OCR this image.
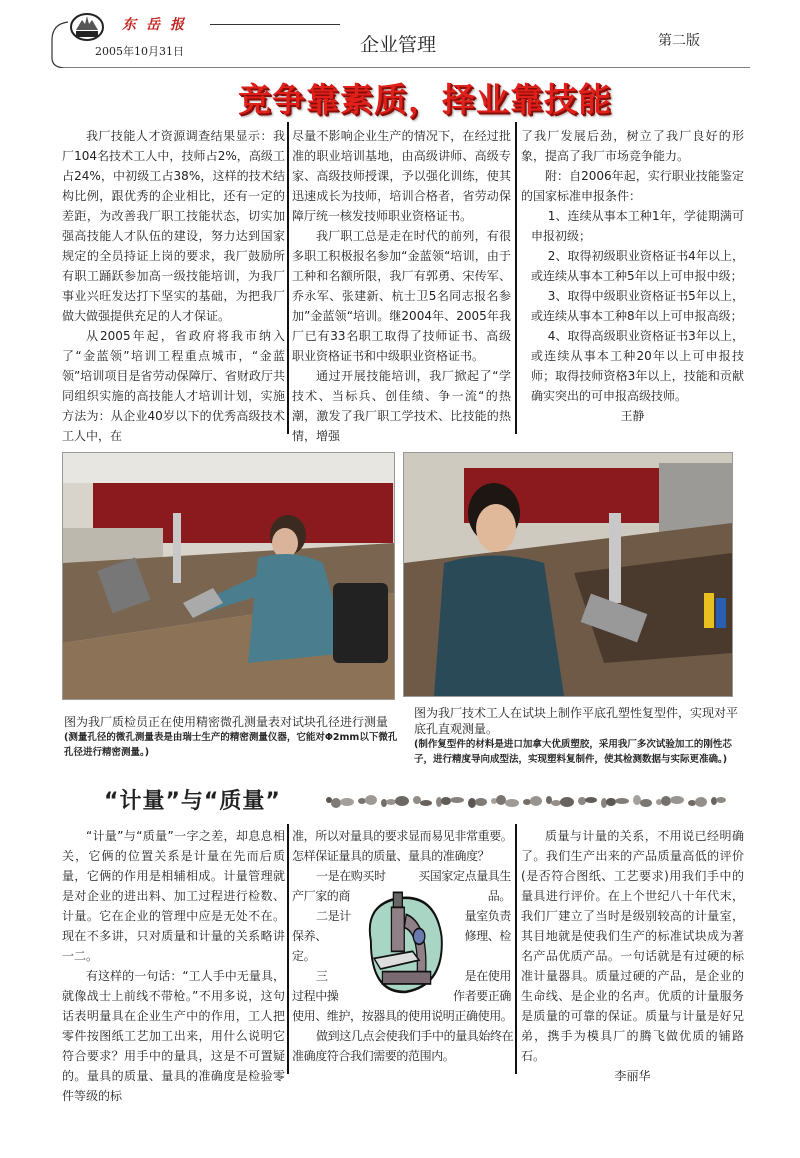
东岳报
2005年10月31日	企业管理	第二版
竞争靠素质，择业靠技能

我厂技能人才资源调查结果显示：我厂104名技术工人中，技师占2%，高级工占24%，中初级工占38%，这样的技术结构比例，跟优秀的企业相比，还有一定的差距，为改善我厂职工技能状态，切实加强高技能人才队伍的建设，努力达到国家规定的全员持证上岗的要求，我厂鼓励所有职工踊跃参加高一级技能培训，为我厂事业兴旺发达打下坚实的基础，为把我厂做大做强提供充足的人才保证。

从2005年起，省政府将我市纳入了“金蓝领”培训工程重点城市，“金蓝领”培训项目是省劳动保障厅、省财政厅共同组织实施的高技能人才培训计划，实施方法为：从企业40岁以下的优秀高级技术工人中，在

尽量不影响企业生产的情况下，在经过批准的职业培训基地，由高级讲师、高级专家、高级技师授课，予以强化训练，使其迅速成长为技师，培训合格者，省劳动保障厅统一核发技师职业资格证书。

我厂职工总是走在时代的前列，有很多职工积极报名参加“金蓝领“培训，由于工种和名额所限，我厂有郭勇、宋传军、乔永军、张建新、杭士卫5名同志报名参加”金蓝领“培训。继2004年、2005年我厂已有33名职工取得了技师证书、高级职业资格证书和中级职业资格证书。

通过开展技能培训，我厂掀起了“学技术、当标兵、创佳绩、争一流“的热潮，激发了我厂职工学技术、比技能的热情，增强

了我厂发展后劲，树立了我厂良好的形象，提高了我厂市场竞争能力。

附：自2006年起，实行职业技能鉴定的国家标准申报条件：

1、连续从事本工种1年，学徒期满可申报初级；

2、取得初级职业资格证书4年以上，或连续从事本工种5年以上可申报中级；

3、取得中级职业资格证书5年以上，或连续从事本工种8年以上可申报高级；

4、取得高级职业资格证书3年以上，或连续从事本工种20年以上可申报技师；取得技师资格3年以上，技能和贡献确实突出的可申报高级技师。

王静

图为我厂质检员正在使用精密微孔测量表对试块孔径进行测量
(测量孔径的微孔测量表是由瑞士生产的精密测量仪器，它能对Φ2mm以下微孔孔径进行精密测量。)
图为我厂技术工人在试块上制作平底孔塑性复型件，实现对平底孔直观测量。
(制作复型件的材料是进口加拿大优质塑胶，采用我厂多次试验加工的刚性芯子，进行精度导向成型法，实现塑料复制件，使其检测数据与实际更准确。)
“计量”与“质量”

“计量”与“质量”一字之差，却息息相关，它俩的位置关系是计量在先而后质量，它俩的作用是相辅相成。计量管理就是对企业的进出料、加工过程进行检数、计量。它在企业的管理中应是无处不在。现在不多讲，只对质量和计量的关系略讲一二。

有这样的一句话：“工人手中无量具，就像战士上前线不带枪。”不用多说，这句话表明量具在企业生产中的作用，工人把零件按图纸工艺加工出来，用什么说明它符合要求？用手中的量具，这是不可置疑的。量具的质量、量具的准确度是检验零件等级的标

准，所以对量具的要求显而易见非常重要。
怎样保证量具的质量、量具的准确度？
一是在购买时	买国家定点量具生
产厂家的商	品。
二是计	量室负责
保养、	修理、检
定。
三	是在使用
过程中操	作者要正确
使用、维护，按器具的使用说明正确使用。
做到这几点会使我们手中的量具始终在
准确度符合我们需要的范围内。

质量与计量的关系，不用说已经明确了。我们生产出来的产品质量高低的评价(是否符合图纸、工艺要求)用我们手中的量具进行评价。在上个世纪八十年代末，我们厂建立了当时是级别较高的计量室，其目地就是使我们生产的标准试块成为著名产品优质产品。一句话就是有过硬的标准计量器具。质量过硬的产品，是企业的生命线、是企业的名声。优质的计量服务是质量的可靠的保证。质量与计量是好兄弟，携手为模具厂的腾飞做优质的铺路石。

李丽华
